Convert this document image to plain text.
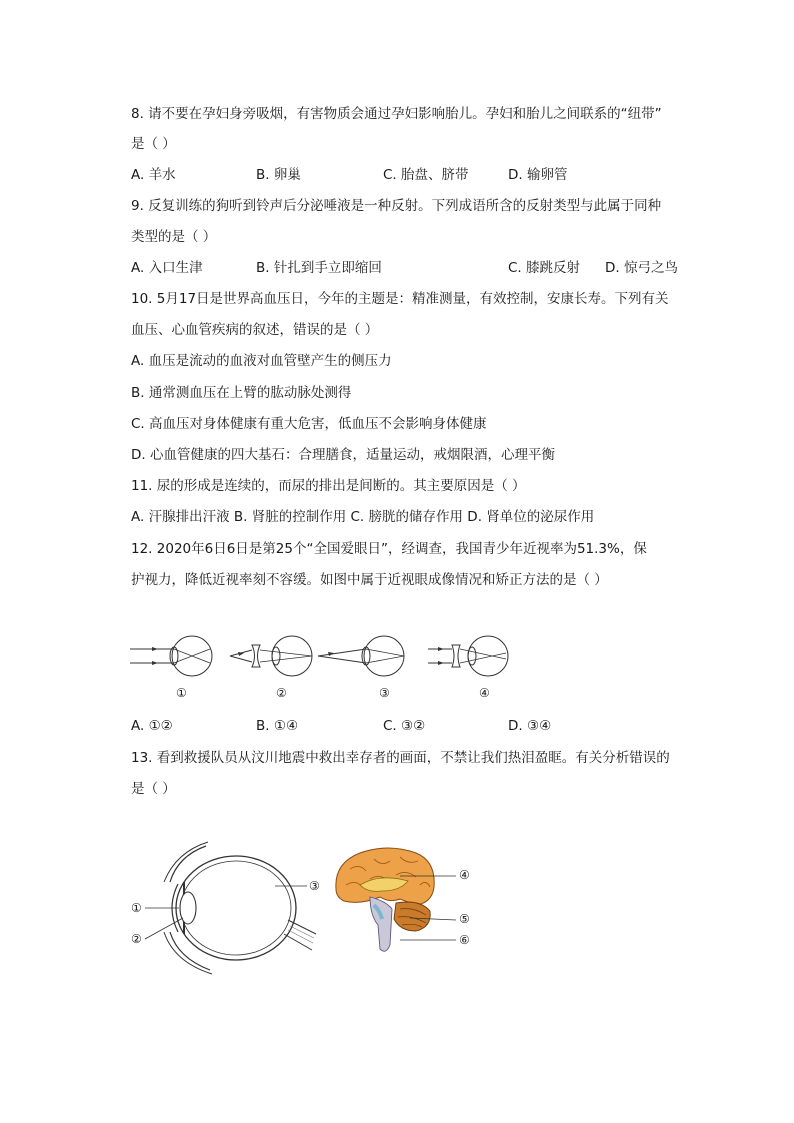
8. 请不要在孕妇身旁吸烟，有害物质会通过孕妇影响胎儿。孕妇和胎儿之间联系的“纽带”
是（ ）
A. 羊水	B. 卵巢	C. 胎盘、脐带	D. 输卵管
9. 反复训练的狗听到铃声后分泌唾液是一种反射。下列成语所含的反射类型与此属于同种
类型的是（ ）
A. 入口生津	B. 针扎到手立即缩回	C. 膝跳反射 D. 惊弓之鸟
10. 5月17日是世界高血压日，今年的主题是：精准测量，有效控制，安康长寿。下列有关
血压、心血管疾病的叙述，错误的是（ ）
A. 血压是流动的血液对血管壁产生的侧压力
B. 通常测血压在上臂的肱动脉处测得
C. 高血压对身体健康有重大危害，低血压不会影响身体健康
D. 心血管健康的四大基石：合理膳食，适量运动，戒烟限酒，心理平衡
11. 尿的形成是连续的，而尿的排出是间断的。其主要原因是（ ）
A. 汗腺排出汗液 B. 肾脏的控制作用 C. 膀胱的储存作用 D. 肾单位的泌尿作用
12. 2020年6日6日是第25个“全国爱眼日”，经调查，我国青少年近视率为51.3%，保
护视力，降低近视率刻不容缓。如图中属于近视眼成像情况和矫正方法的是（ ）
①	②	③	④
A. ①②	B. ①④	C. ③②	D. ③④
13. 看到救援队员从汶川地震中救出幸存者的画面，不禁让我们热泪盈眶。有关分析错误的
是（ ）
①
②
③
④
⑤
⑥
